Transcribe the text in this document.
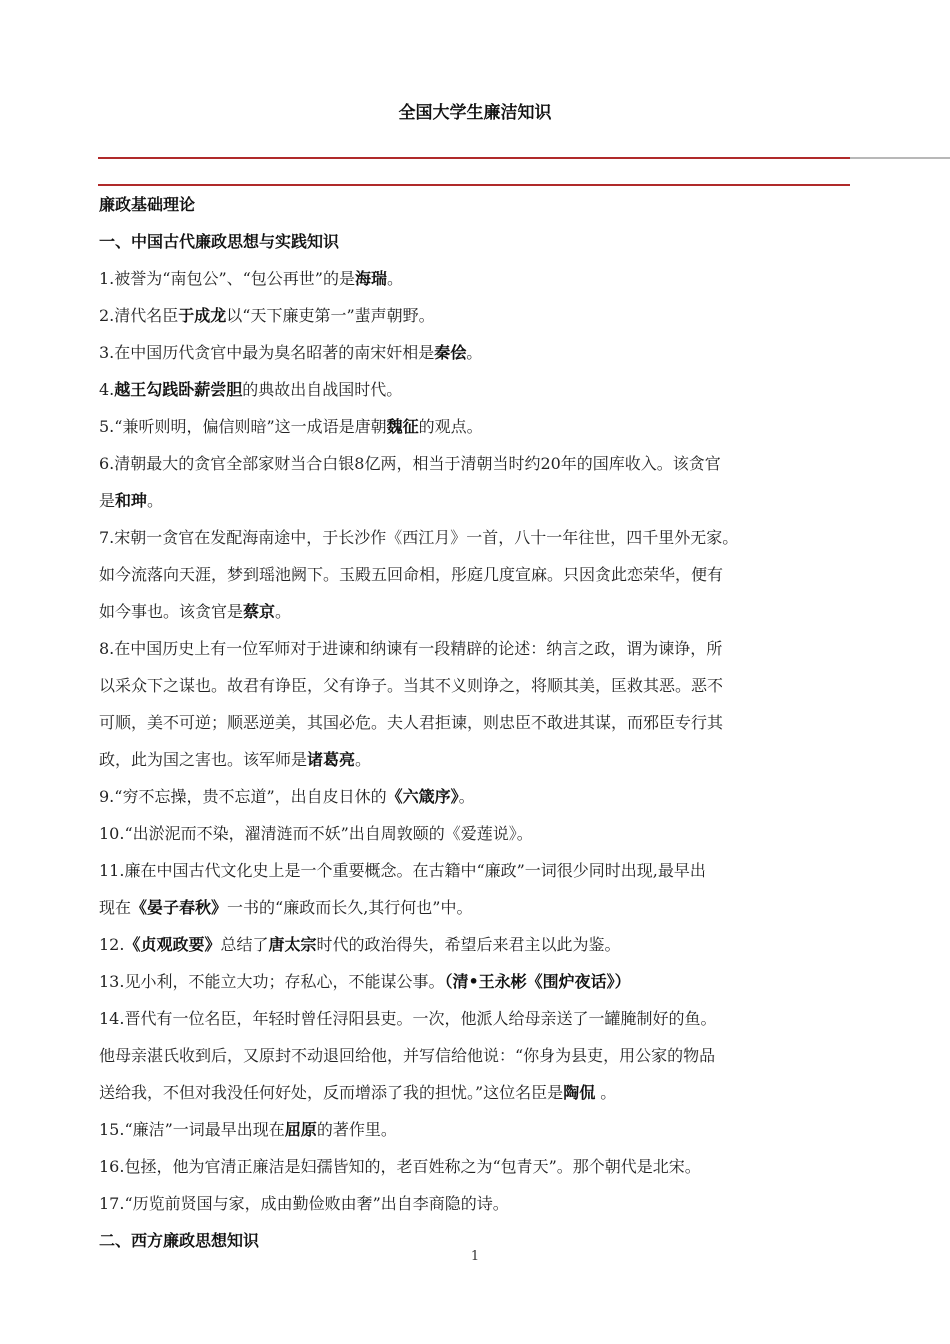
全国大学生廉洁知识
廉政基础理论
一、中国古代廉政思想与实践知识
1.被誉为“南包公”、“包公再世”的是海瑞。
2.清代名臣于成龙以“天下廉吏第一”蜚声朝野。
3.在中国历代贪官中最为臭名昭著的南宋奸相是秦侩。
4.越王勾践卧薪尝胆的典故出自战国时代。
5.“兼听则明，偏信则暗”这一成语是唐朝魏征的观点。
6.清朝最大的贪官全部家财当合白银8亿两，相当于清朝当时约20年的国库收入。该贪官
是和珅。
7.宋朝一贪官在发配海南途中，于长沙作《西江月》一首，八十一年往世，四千里外无家。
如今流落向天涯，梦到瑶池阙下。玉殿五回命相，彤庭几度宣麻。只因贪此恋荣华，便有
如今事也。该贪官是蔡京。
8.在中国历史上有一位军师对于进谏和纳谏有一段精辟的论述：纳言之政，谓为谏诤，所
以采众下之谋也。故君有诤臣，父有诤子。当其不义则诤之，将顺其美，匡救其恶。恶不
可顺，美不可逆；顺恶逆美，其国必危。夫人君拒谏，则忠臣不敢进其谋，而邪臣专行其
政，此为国之害也。该军师是诸葛亮。
9.“穷不忘操，贵不忘道”，出自皮日休的《六箴序》。
10.“出淤泥而不染，濯清涟而不妖”出自周敦颐的《爱莲说》。
11.廉在中国古代文化史上是一个重要概念。在古籍中“廉政”一词很少同时出现,最早出
现在《晏子春秋》一书的“廉政而长久,其行何也”中。
12.《贞观政要》总结了唐太宗时代的政治得失，希望后来君主以此为鉴。
13.见小利，不能立大功；存私心，不能谋公事。（清•王永彬《围炉夜话》）
14.晋代有一位名臣，年轻时曾任浔阳县吏。一次，他派人给母亲送了一罐腌制好的鱼。
他母亲湛氏收到后，又原封不动退回给他，并写信给他说：“你身为县吏，用公家的物品
送给我，不但对我没任何好处，反而增添了我的担忧。”这位名臣是陶侃 。
15.“廉洁”一词最早出现在屈原的著作里。
16.包拯，他为官清正廉洁是妇孺皆知的，老百姓称之为“包青天”。那个朝代是北宋。
17.“历览前贤国与家，成由勤俭败由奢”出自李商隐的诗。
二、西方廉政思想知识
1
